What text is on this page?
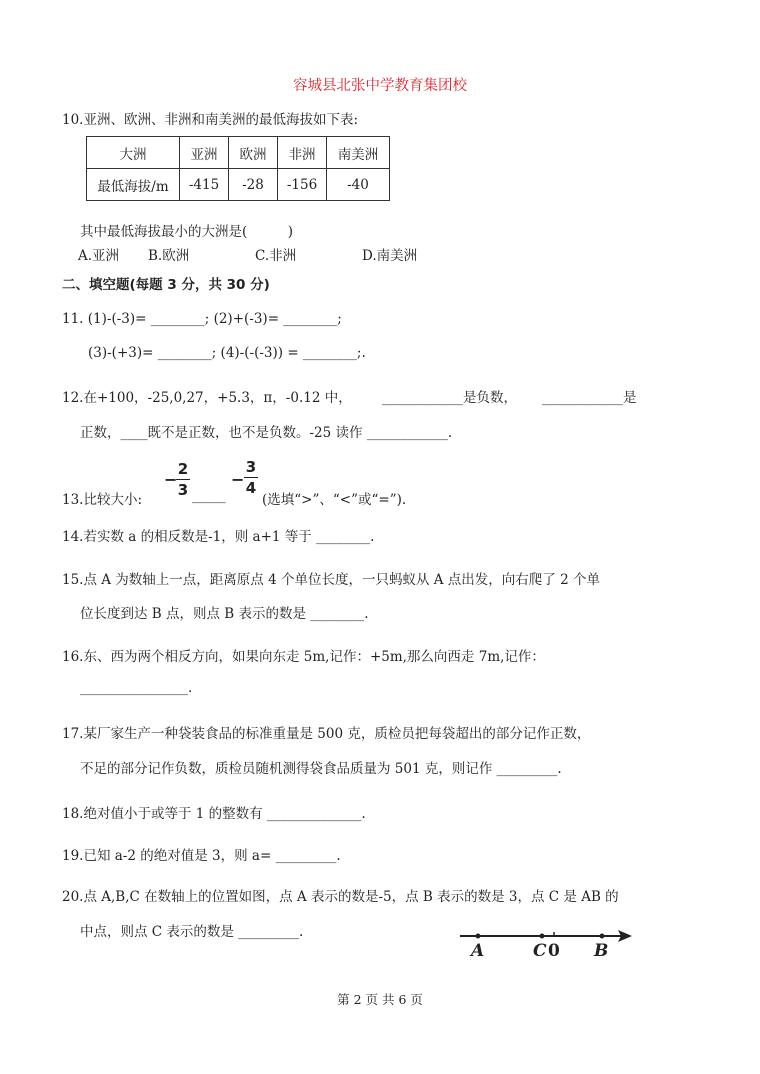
容城县北张中学教育集团校
10.亚洲、欧洲、非洲和南美洲的最低海拔如下表:
大洲	亚洲	欧洲	非洲	南美洲
最低海拔/m	-415	-28	-156	-40
其中最低海拔最小的大洲是(　　　)
A.亚洲 B.欧洲	C.非洲	D.南美洲
二、填空题(每题 3 分，共 30 分)
11. (1)-(-3)= ________; (2)+(-3)= ________;
(3)-(+3)= ________; (4)-(-(-3)) = ________;.
12.在+100，-25,0,27，+5.3，π，-0.12 中， ____________是负数， ____________是
正数，____既不是正数，也不是负数。-25 读作 ____________.
13.比较大小:
−
2
3 _____
−
3
4
(选填“>”、“<”或“=”).
14.若实数 a 的相反数是-1，则 a+1 等于 ________.
15.点 A 为数轴上一点，距离原点 4 个单位长度，一只蚂蚁从 A 点出发，向右爬了 2 个单
位长度到达 B 点，则点 B 表示的数是 ________.
16.东、西为两个相反方向，如果向东走 5m,记作：+5m,那么向西走 7m,记作：
________________.
17.某厂家生产一种袋装食品的标准重量是 500 克，质检员把每袋超出的部分记作正数，
不足的部分记作负数，质检员随机测得袋食品质量为 501 克，则记作 _________.
18.绝对值小于或等于 1 的整数有 ______________.
19.已知 a-2 的绝对值是 3，则 a= _________.
20.点 A,B,C 在数轴上的位置如图，点 A 表示的数是-5，点 B 表示的数是 3，点 C 是 AB 的
中点，则点 C 表示的数是 _________.
A	C 0 B
第 2 页 共 6 页
